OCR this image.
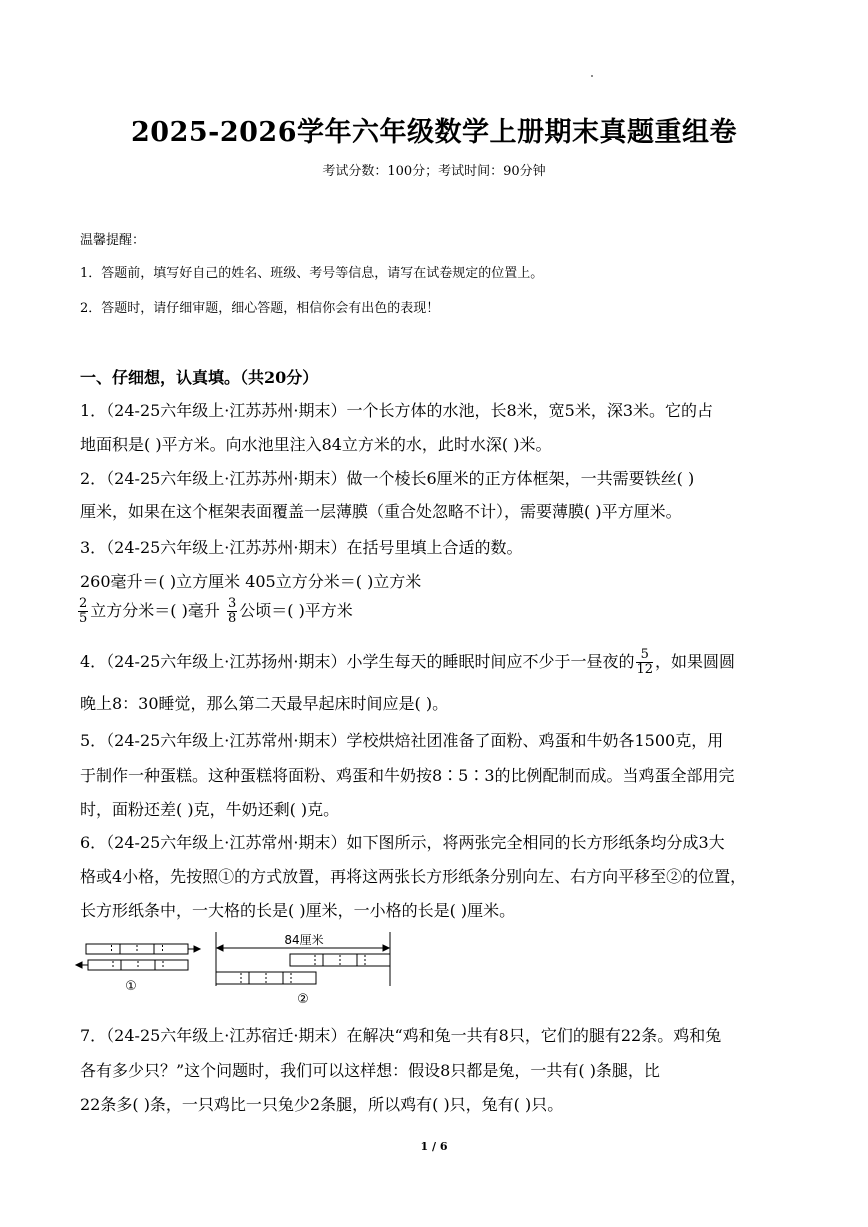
2025-2026学年六年级数学上册期末真题重组卷
考试分数：100分；考试时间：90分钟
温馨提醒：
1．答题前，填写好自己的姓名、班级、考号等信息，请写在试卷规定的位置上。
2．答题时，请仔细审题，细心答题，相信你会有出色的表现！
一、仔细想，认真填。（共20分）
1．（24-25六年级上·江苏苏州·期末）一个长方体的水池，长8米，宽5米，深3米。它的占
地面积是( )平方米。向水池里注入84立方米的水，此时水深( )米。
2．（24-25六年级上·江苏苏州·期末）做一个棱长6厘米的正方体框架，一共需要铁丝( )
厘米，如果在这个框架表面覆盖一层薄膜（重合处忽略不计），需要薄膜( )平方厘米。
3．（24-25六年级上·江苏苏州·期末）在括号里填上合适的数。
260毫升＝( )立方厘米 405立方分米＝( )立方米
$\frac{2}{5}$ 立方分米＝( )毫升 $\frac{3}{8}$ 公顷＝( )平方米
4．（24-25六年级上·江苏扬州·期末）小学生每天的睡眠时间应不少于一昼夜的 $\frac{5}{12}$ ，如果圆圆
晚上8：30睡觉，那么第二天最早起床时间应是( )。
5．（24-25六年级上·江苏常州·期末）学校烘焙社团准备了面粉、鸡蛋和牛奶各1500克，用
于制作一种蛋糕。这种蛋糕将面粉、鸡蛋和牛奶按8∶5∶3的比例配制而成。当鸡蛋全部用完
时，面粉还差( )克，牛奶还剩( )克。
6．（24-25六年级上·江苏常州·期末）如下图所示，将两张完全相同的长方形纸条均分成3大
格或4小格，先按照①的方式放置，再将这两张长方形纸条分别向左、右方向平移至②的位置，
长方形纸条中，一大格的长是( )厘米，一小格的长是( )厘米。
①
84厘米
②
7．（24-25六年级上·江苏宿迁·期末）在解决“鸡和兔一共有8只，它们的腿有22条。鸡和兔
各有多少只？”这个问题时，我们可以这样想：假设8只都是兔，一共有( )条腿，比
22条多( )条，一只鸡比一只兔少2条腿，所以鸡有( )只，兔有( )只。
1 / 6
